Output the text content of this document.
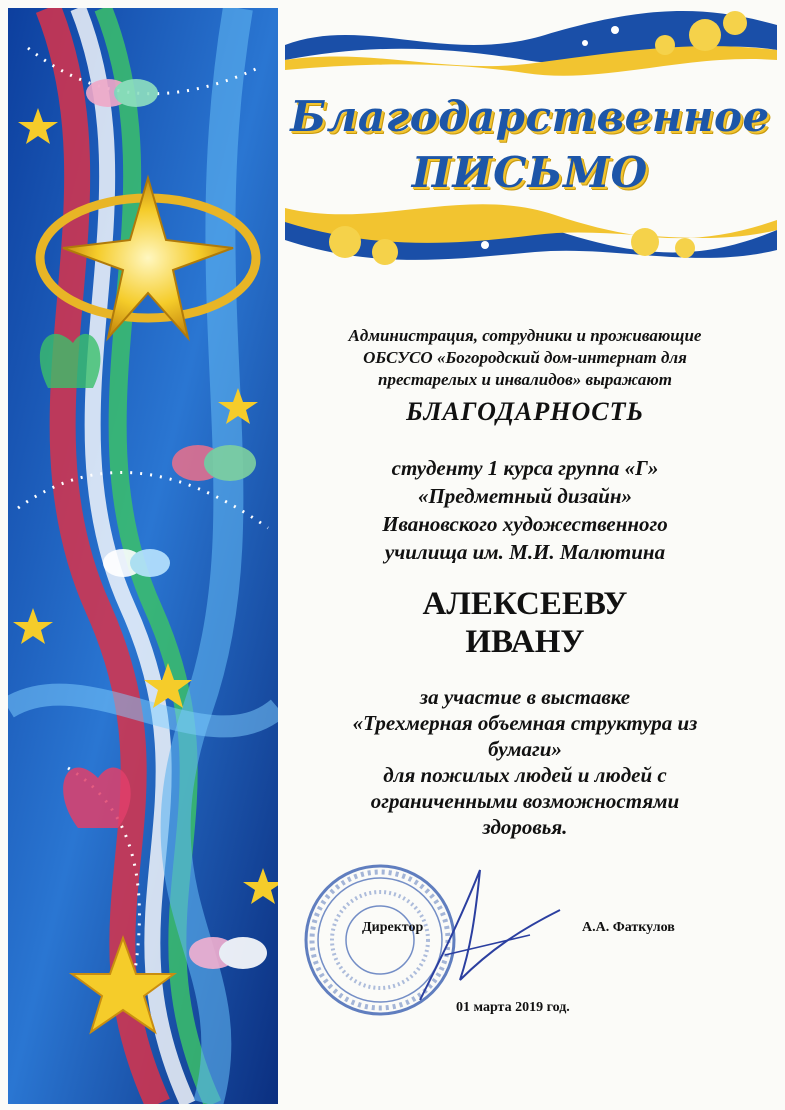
Благодарственное
ПИСЬМО
Администрация, сотрудники и проживающие
ОБСУСО «Богородский дом-интернат для
престарелых и инвалидов» выражают
БЛАГОДАРНОСТЬ
студенту 1 курса группа «Г»
«Предметный дизайн»
Ивановского художественного
училища им. М.И. Малютина
АЛЕКСЕЕВУ
ИВАНУ
за участие в выставке
«Трехмерная объемная структура из
бумаги»
для пожилых людей и людей с
ограниченными возможностями
здоровья.
Директор	А.А. Фаткулов
01 марта 2019 год.
